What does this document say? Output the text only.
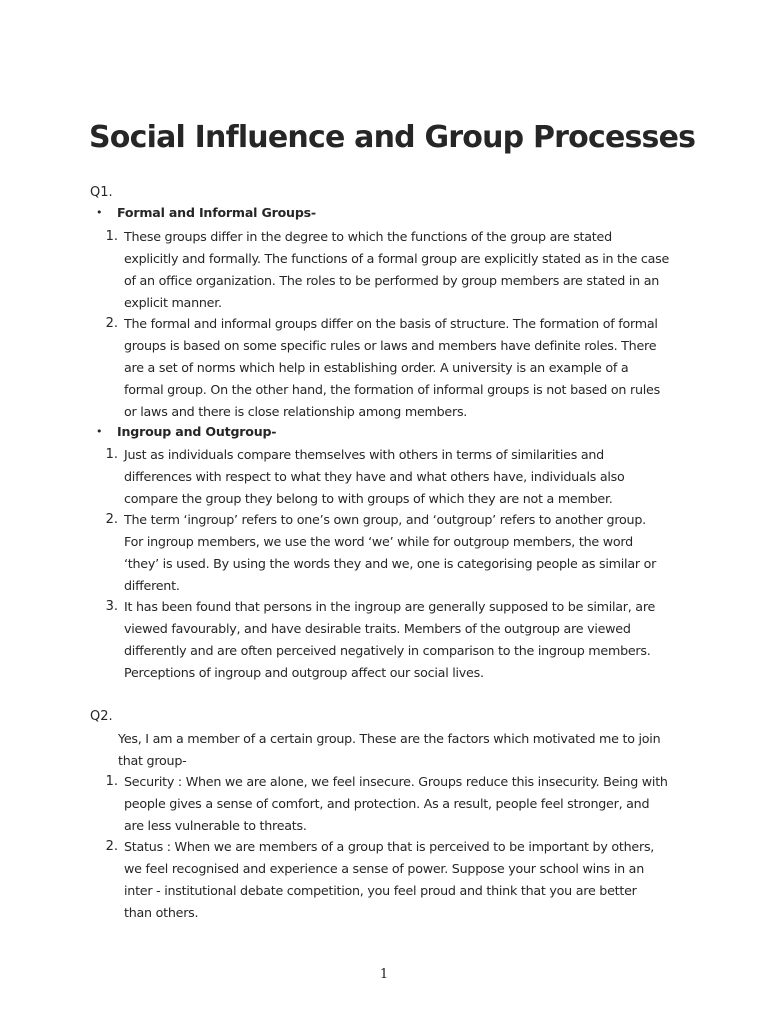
Social Influence and Group Processes
Q1.
• Formal and Informal Groups-
1. These groups differ in the degree to which the functions of the group are stated
explicitly and formally. The functions of a formal group are explicitly stated as in the case
of an office organization. The roles to be performed by group members are stated in an
explicit manner.
2. The formal and informal groups differ on the basis of structure. The formation of formal
groups is based on some specific rules or laws and members have definite roles. There
are a set of norms which help in establishing order. A university is an example of a
formal group. On the other hand, the formation of informal groups is not based on rules
or laws and there is close relationship among members.
• Ingroup and Outgroup-
1. Just as individuals compare themselves with others in terms of similarities and
differences with respect to what they have and what others have, individuals also
compare the group they belong to with groups of which they are not a member.
2. The term ‘ingroup’ refers to one’s own group, and ‘outgroup’ refers to another group.
For ingroup members, we use the word ‘we’ while for outgroup members, the word
‘they’ is used. By using the words they and we, one is categorising people as similar or
different.
3. It has been found that persons in the ingroup are generally supposed to be similar, are
viewed favourably, and have desirable traits. Members of the outgroup are viewed
differently and are often perceived negatively in comparison to the ingroup members.
Perceptions of ingroup and outgroup affect our social lives.
Q2.
Yes, I am a member of a certain group. These are the factors which motivated me to join
that group-
1. Security : When we are alone, we feel insecure. Groups reduce this insecurity. Being with
people gives a sense of comfort, and protection. As a result, people feel stronger, and
are less vulnerable to threats.
2. Status : When we are members of a group that is perceived to be important by others,
we feel recognised and experience a sense of power. Suppose your school wins in an
inter - institutional debate competition, you feel proud and think that you are better
than others.
1
